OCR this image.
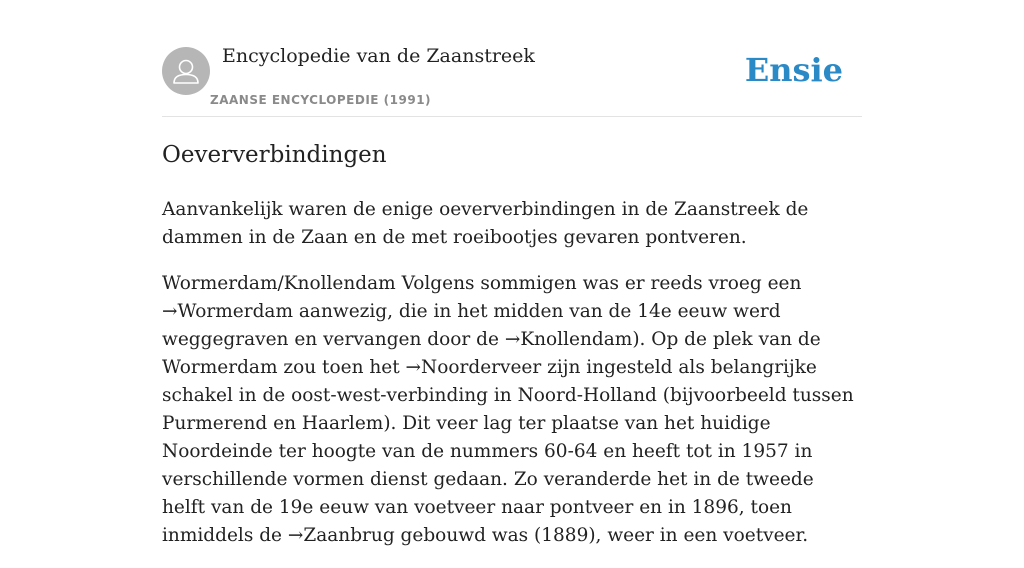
Encyclopedie van de Zaanstreek
ZAANSE ENCYCLOPEDIE (1991)
Ensie
Oeververbindingen

Aanvankelijk waren de enige oeververbindingen in de Zaanstreek de dammen in de Zaan en de met roeibootjes gevaren pontveren.

Wormerdam/Knollendam Volgens sommigen was er reeds vroeg een →Wormerdam aanwezig, die in het midden van de 14e eeuw werd weggegraven en vervangen door de →Knollendam). Op de plek van de Wormerdam zou toen het →Noorderveer zijn ingesteld als belangrijke schakel in de oost-west-verbinding in Noord-Holland (bijvoorbeeld tussen Purmerend en Haarlem). Dit veer lag ter plaatse van het huidige Noordeinde ter hoogte van de nummers 60-64 en heeft tot in 1957 in verschillende vormen dienst gedaan. Zo veranderde het in de tweede helft van de 19e eeuw van voetveer naar pontveer en in 1896, toen inmiddels de →Zaanbrug gebouwd was (1889), weer in een voetveer.
